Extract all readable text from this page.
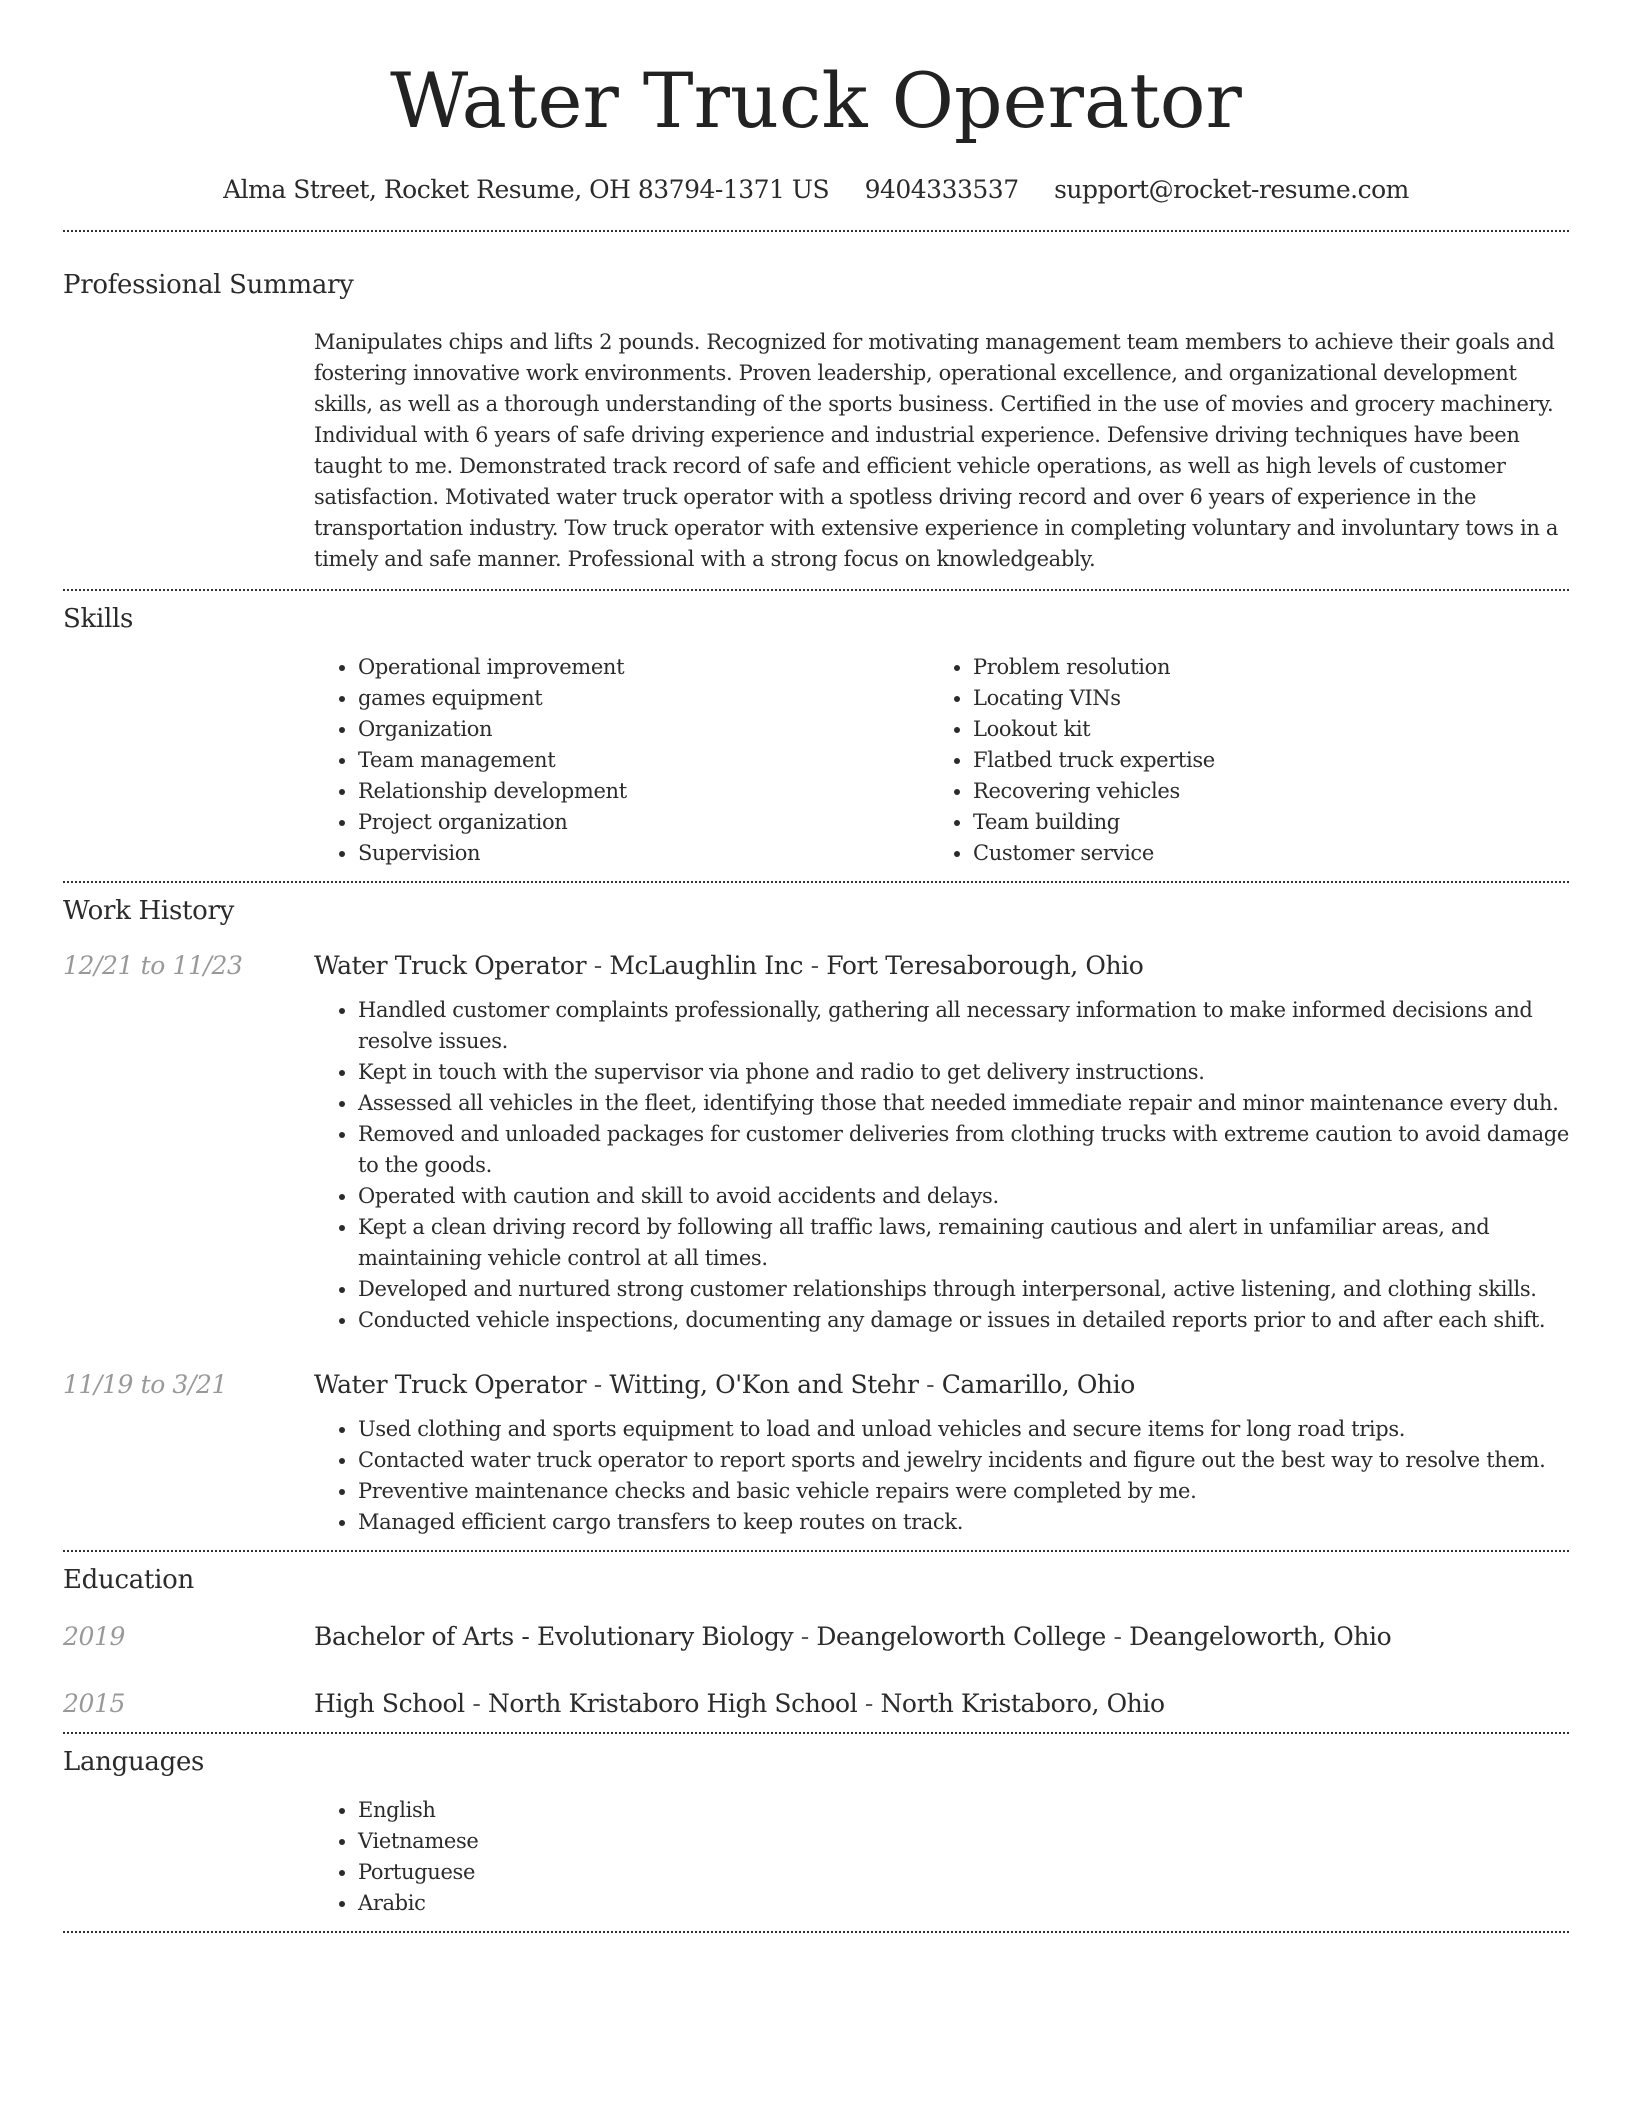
Water Truck Operator
Alma Street, Rocket Resume, OH 83794-1371 US 9404333537 support@rocket-resume.com
Professional Summary

Manipulates chips and lifts 2 pounds. Recognized for motivating management team members to achieve their goals and fostering innovative work environments. Proven leadership, operational excellence, and organizational development skills, as well as a thorough understanding of the sports business. Certified in the use of movies and grocery machinery. Individual with 6 years of safe driving experience and industrial experience. Defensive driving techniques have been taught to me. Demonstrated track record of safe and efficient vehicle operations, as well as high levels of customer satisfaction. Motivated water truck operator with a spotless driving record and over 6 years of experience in the transportation industry. Tow truck operator with extensive experience in completing voluntary and involuntary tows in a timely and safe manner. Professional with a strong focus on knowledgeably.

Skills
• Operational improvement
• games equipment
• Organization
• Team management
• Relationship development
• Project organization
• Supervision
• Problem resolution
• Locating VINs
• Lookout kit
• Flatbed truck expertise
• Recovering vehicles
• Team building
• Customer service
Work History
12/21 to 11/23	Water Truck Operator - McLaughlin Inc - Fort Teresaborough, Ohio
• Handled customer complaints professionally, gathering all necessary information to make informed decisions and resolve issues.
• Kept in touch with the supervisor via phone and radio to get delivery instructions.
• Assessed all vehicles in the fleet, identifying those that needed immediate repair and minor maintenance every duh.
• Removed and unloaded packages for customer deliveries from clothing trucks with extreme caution to avoid damage to the goods.
• Operated with caution and skill to avoid accidents and delays.
• Kept a clean driving record by following all traffic laws, remaining cautious and alert in unfamiliar areas, and maintaining vehicle control at all times.
• Developed and nurtured strong customer relationships through interpersonal, active listening, and clothing skills.
• Conducted vehicle inspections, documenting any damage or issues in detailed reports prior to and after each shift.
11/19 to 3/21	Water Truck Operator - Witting, O'Kon and Stehr - Camarillo, Ohio
• Used clothing and sports equipment to load and unload vehicles and secure items for long road trips.
• Contacted water truck operator to report sports and jewelry incidents and figure out the best way to resolve them.
• Preventive maintenance checks and basic vehicle repairs were completed by me.
• Managed efficient cargo transfers to keep routes on track.
Education
2019	Bachelor of Arts - Evolutionary Biology - Deangeloworth College - Deangeloworth, Ohio
2015	High School - North Kristaboro High School - North Kristaboro, Ohio
Languages
• English
• Vietnamese
• Portuguese
• Arabic
